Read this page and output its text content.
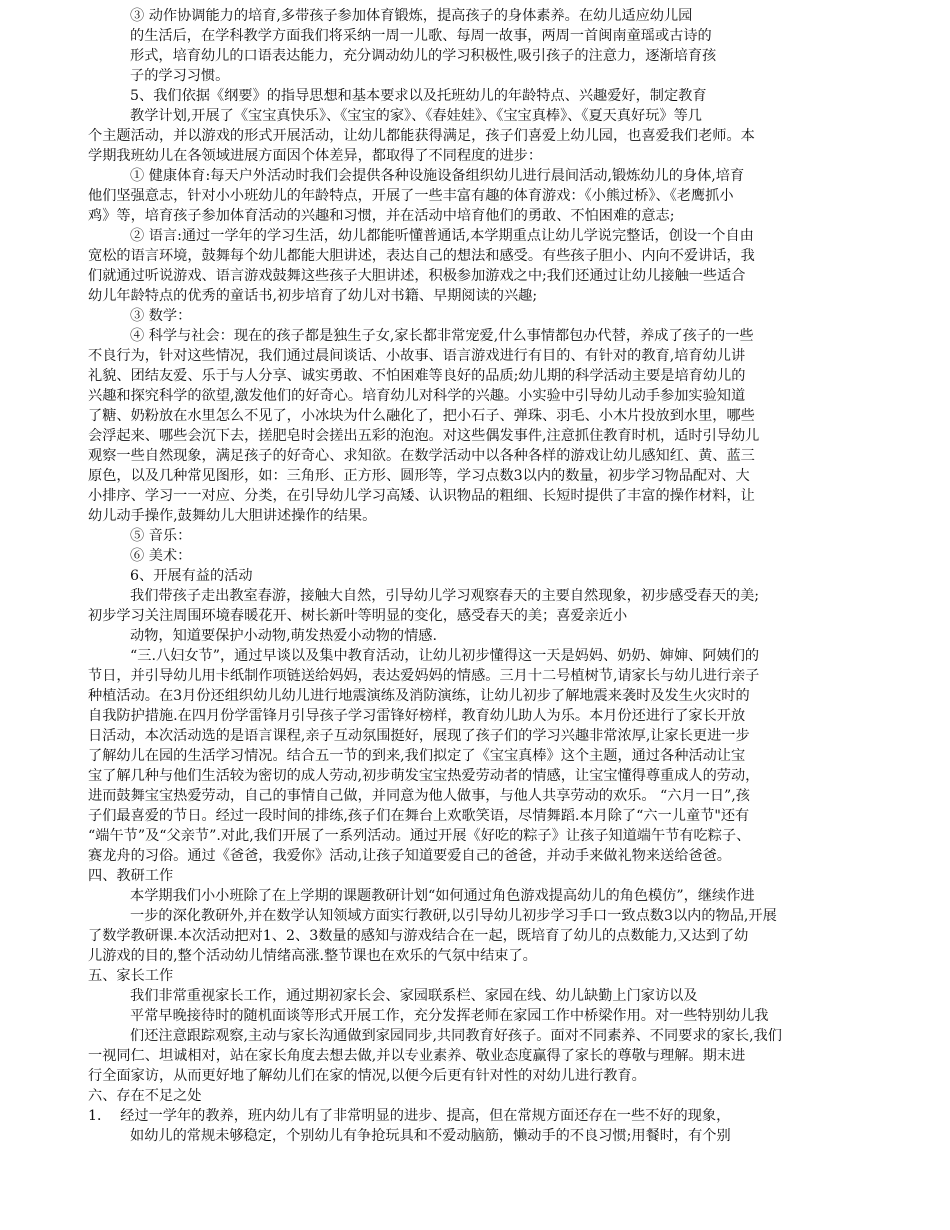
③ 动作协调能力的培育,多带孩子参加体育锻炼，提高孩子的身体素养。在幼儿适应幼儿园
的生活后，在学科教学方面我们将采纳一周一儿歌、每周一故事，两周一首闽南童瑶或古诗的
形式，培育幼儿的口语表达能力，充分调动幼儿的学习积极性,吸引孩子的注意力，逐渐培育孩
子的学习习惯。
5、我们依据《纲要》的指导思想和基本要求以及托班幼儿的年龄特点、兴趣爱好，制定教育
教学计划,开展了《宝宝真快乐》、《宝宝的家》、《春娃娃》、《宝宝真棒》、《夏天真好玩》等几
个主题活动，并以游戏的形式开展活动，让幼儿都能获得满足，孩子们喜爱上幼儿园，也喜爱我们老师。本
学期我班幼儿在各领域进展方面因个体差异，都取得了不同程度的进步：
① 健康体育:每天户外活动时我们会提供各种设施设备组织幼儿进行晨间活动,锻炼幼儿的身体,培育
他们坚强意志，针对小小班幼儿的年龄特点，开展了一些丰富有趣的体育游戏：《小熊过桥》、《老鹰抓小
鸡》等，培育孩子参加体育活动的兴趣和习惯，并在活动中培育他们的勇敢、不怕困难的意志;
② 语言:通过一学年的学习生活，幼儿都能听懂普通话,本学期重点让幼儿学说完整话，创设一个自由
宽松的语言环境，鼓舞每个幼儿都能大胆讲述，表达自己的想法和感受。有些孩子胆小、内向不爱讲话，我
们就通过听说游戏、语言游戏鼓舞这些孩子大胆讲述，积极参加游戏之中;我们还通过让幼儿接触一些适合
幼儿年龄特点的优秀的童话书,初步培育了幼儿对书籍、早期阅读的兴趣;
③ 数学：
④ 科学与社会：现在的孩子都是独生子女,家长都非常宠爱,什么事情都包办代替，养成了孩子的一些
不良行为，针对这些情况，我们通过晨间谈话、小故事、语言游戏进行有目的、有针对的教育,培育幼儿讲
礼貌、团结友爱、乐于与人分享、诚实勇敢、不怕困难等良好的品质;幼儿期的科学活动主要是培育幼儿的
兴趣和探究科学的欲望,激发他们的好奇心。培育幼儿对科学的兴趣。小实验中引导幼儿动手参加实验知道
了糖、奶粉放在水里怎么不见了，小冰块为什么融化了，把小石子、弹珠、羽毛、小木片投放到水里，哪些
会浮起来、哪些会沉下去，搓肥皂时会搓出五彩的泡泡。对这些偶发事件,注意抓住教育时机，适时引导幼儿
观察一些自然现象，满足孩子的好奇心、求知欲。在数学活动中以各种各样的游戏让幼儿感知红、黄、蓝三
原色，以及几种常见图形，如：三角形、正方形、圆形等，学习点数3以内的数量，初步学习物品配对、大
小排序、学习一一对应、分类，在引导幼儿学习高矮、认识物品的粗细、长短时提供了丰富的操作材料，让
幼儿动手操作,鼓舞幼儿大胆讲述操作的结果。
⑤ 音乐：
⑥ 美术：
6、开展有益的活动
我们带孩子走出教室春游，接触大自然，引导幼儿学习观察春天的主要自然现象，初步感受春天的美;
初步学习关注周围环境春暖花开、树长新叶等明显的变化，感受春天的美；喜爱亲近小
动物，知道要保护小动物,萌发热爱小动物的情感.
“三.八妇女节”，通过早谈以及集中教育活动，让幼儿初步懂得这一天是妈妈、奶奶、婶婶、阿姨们的
节日，并引导幼儿用卡纸制作项链送给妈妈，表达爱妈妈的情感。三月十二号植树节,请家长与幼儿进行亲子
种植活动。在3月份还组织幼儿幼儿进行地震演练及消防演练，让幼儿初步了解地震来袭时及发生火灾时的
自我防护措施.在四月份学雷锋月引导孩子学习雷锋好榜样，教育幼儿助人为乐。本月份还进行了家长开放
日活动，本次活动选的是语言课程,亲子互动氛围挺好，展现了孩子们的学习兴趣非常浓厚,让家长更进一步
了解幼儿在园的生活学习情况。结合五一节的到来,我们拟定了《宝宝真棒》这个主题，通过各种活动让宝
宝了解几种与他们生活较为密切的成人劳动,初步萌发宝宝热爱劳动者的情感，让宝宝懂得尊重成人的劳动，
进而鼓舞宝宝热爱劳动，自己的事情自己做，并同意为他人做事，与他人共享劳动的欢乐。 “六月一日”,孩
子们最喜爱的节日。经过一段时间的排练,孩子们在舞台上欢歌笑语，尽情舞蹈.本月除了“六一儿童节"还有
“端午节”及“父亲节”.对此,我们开展了一系列活动。通过开展《好吃的粽子》让孩子知道端午节有吃粽子、
赛龙舟的习俗。通过《爸爸，我爱你》活动,让孩子知道要爱自己的爸爸，并动手来做礼物来送给爸爸。
四、教研工作
本学期我们小小班除了在上学期的课题教研计划“如何通过角色游戏提高幼儿的角色模仿”，继续作进
一步的深化教研外,并在数学认知领域方面实行教研,以引导幼儿初步学习手口一致点数3以内的物品,开展
了数学教研课.本次活动把对1、2、3数量的感知与游戏结合在一起，既培育了幼儿的点数能力,又达到了幼
儿游戏的目的,整个活动幼儿情绪高涨.整节课也在欢乐的气氛中结束了。
五、家长工作
我们非常重视家长工作，通过期初家长会、家园联系栏、家园在线、幼儿缺勤上门家访以及
平常早晚接待时的随机面谈等形式开展工作，充分发挥老师在家园工作中桥梁作用。对一些特别幼儿我
们还注意跟踪观察,主动与家长沟通做到家园同步,共同教育好孩子。面对不同素养、不同要求的家长,我们
一视同仁、坦诚相对，站在家长角度去想去做,并以专业素养、敬业态度赢得了家长的尊敬与理解。期末进
行全面家访，从而更好地了解幼儿们在家的情况,以便今后更有针对性的对幼儿进行教育。
六、存在不足之处
1．  经过一学年的教养，班内幼儿有了非常明显的进步、提高，但在常规方面还存在一些不好的现象，
如幼儿的常规未够稳定，个别幼儿有争抢玩具和不爱动脑筋，懒动手的不良习惯;用餐时，有个别
